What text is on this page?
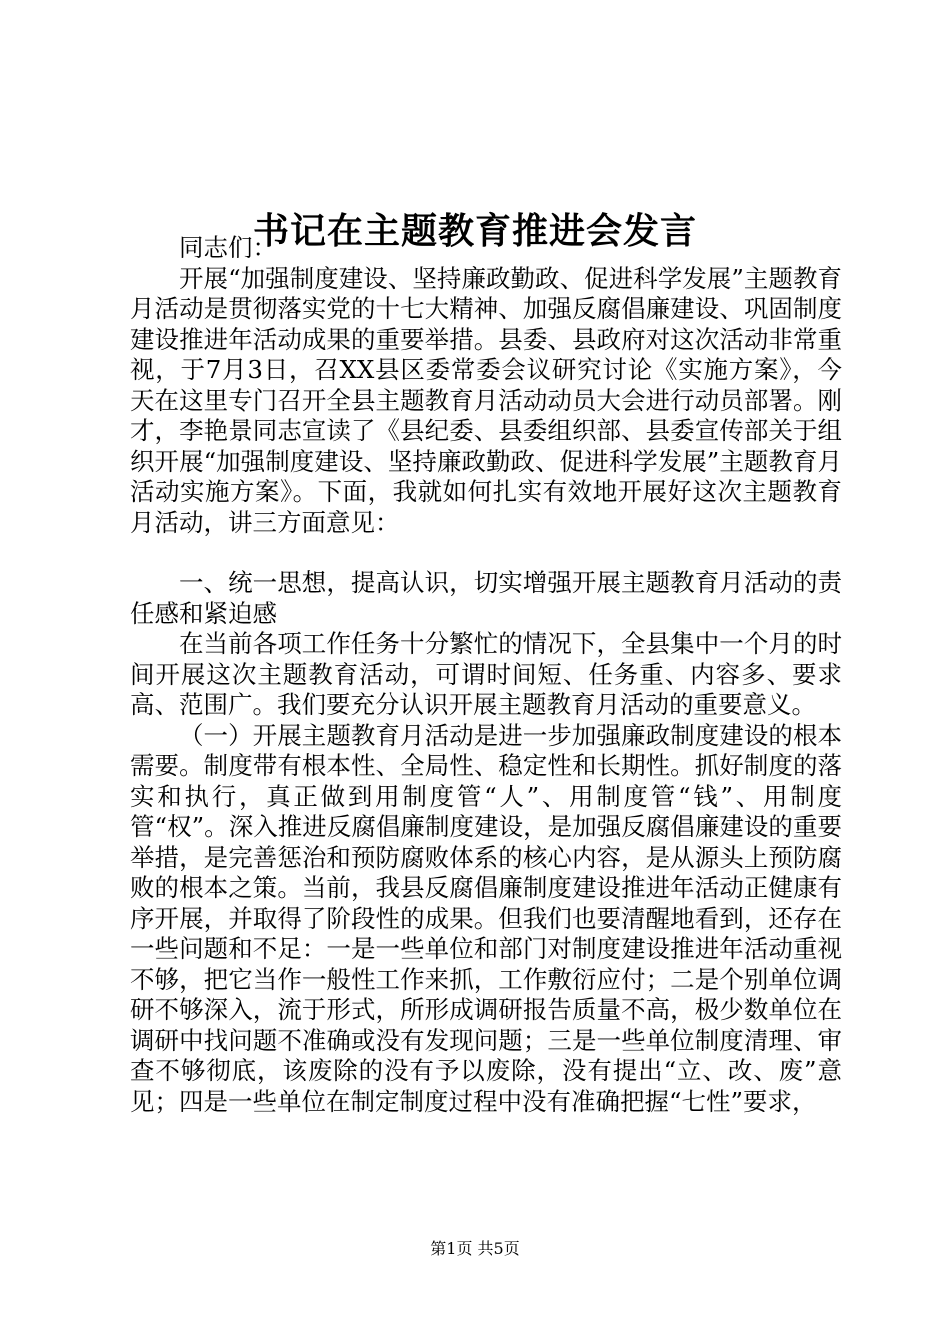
书记在主题教育推进会发言

同志们：

开展“加强制度建设、坚持廉政勤政、促进科学发展”主题教育月活动是贯彻落实党的十七大精神、加强反腐倡廉建设、巩固制度建设推进年活动成果的重要举措。县委、县政府对这次活动非常重视，于7月3日，召XX县区委常委会议研究讨论《实施方案》，今天在这里专门召开全县主题教育月活动动员大会进行动员部署。刚才，李艳景同志宣读了《县纪委、县委组织部、县委宣传部关于组织开展“加强制度建设、坚持廉政勤政、促进科学发展”主题教育月活动实施方案》。下面，我就如何扎实有效地开展好这次主题教育月活动，讲三方面意见：

一、统一思想，提高认识，切实增强开展主题教育月活动的责任感和紧迫感

在当前各项工作任务十分繁忙的情况下，全县集中一个月的时间开展这次主题教育活动，可谓时间短、任务重、内容多、要求高、范围广。我们要充分认识开展主题教育月活动的重要意义。

（一）开展主题教育月活动是进一步加强廉政制度建设的根本需要。制度带有根本性、全局性、稳定性和长期性。抓好制度的落实和执行，真正做到用制度管“人”、用制度管“钱”、用制度管“权”。深入推进反腐倡廉制度建设，是加强反腐倡廉建设的重要举措，是完善惩治和预防腐败体系的核心内容，是从源头上预防腐败的根本之策。当前，我县反腐倡廉制度建设推进年活动正健康有序开展，并取得了阶段性的成果。但我们也要清醒地看到，还存在一些问题和不足：一是一些单位和部门对制度建设推进年活动重视不够，把它当作一般性工作来抓，工作敷衍应付；二是个别单位调研不够深入，流于形式，所形成调研报告质量不高，极少数单位在调研中找问题不准确或没有发现问题；三是一些单位制度清理、审查不够彻底，该废除的没有予以废除，没有提出“立、改、废”意见；四是一些单位在制定制度过程中没有准确把握“七性”要求，

第1页 共5页
